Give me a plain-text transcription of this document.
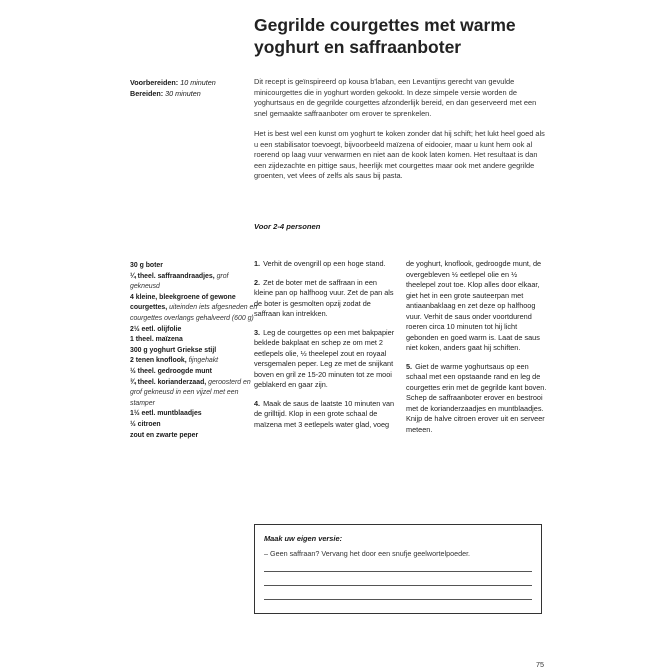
Gegrilde courgettes met warme yoghurt en saffraanboter
Voorbereiden: 10 minuten
Bereiden: 30 minuten

Dit recept is geïnspireerd op kousa b'laban, een Levantijns gerecht van gevulde minicourgettes die in yoghurt worden gekookt. In deze simpele versie worden de yoghurtsaus en de gegrilde courgettes afzonderlijk bereid, en dan geserveerd met een snel gemaakte saffraanboter om erover te sprenkelen.

Het is best wel een kunst om yoghurt te koken zonder dat hij schift; het lukt heel goed als u een stabilisator toevoegt, bijvoorbeeld maïzena of eidooier, maar u kunt hem ook al roerend op laag vuur verwarmen en niet aan de kook laten komen. Het resultaat is dan een zijdezachte en pittige saus, heerlijk met courgettes maar ook met andere gegrilde groenten, vet vlees of zelfs als saus bij pasta.

Voor 2-4 personen
30 g boter
¼ theel. saffraandraadjes, grof gekneusd
4 kleine, bleekgroene of gewone courgettes, uiteinden iets afgesneden en courgettes overlangs gehalveerd (600 g)
2½ eetl. olijfolie
1 theel. maïzena
300 g yoghurt Griekse stijl
2 tenen knoflook, fijngehakt
½ theel. gedroogde munt
¾ theel. korianderzaad, geroosterd en grof gekneusd in een vijzel met een stamper
1½ eetl. muntblaadjes
½ citroen
zout en zwarte peper
1. Verhit de ovengrill op een hoge stand.
2. Zet de boter met de saffraan in een kleine pan op halfhoog vuur. Zet de pan als de boter is gesmolten opzij zodat de saffraan kan intrekken.
3. Leg de courgettes op een met bakpapier beklede bakplaat en schep ze om met 2 eetlepels olie, ½ theelepel zout en royaal versgemalen peper. Leg ze met de snijkant boven en gril ze 15-20 minuten tot ze mooi geblakerd en gaar zijn.
4. Maak de saus de laatste 10 minuten van de grilltijd. Klop in een grote schaal de maïzena met 3 eetlepels water glad, voeg
de yoghurt, knoflook, gedroogde munt, de overgebleven ½ eetlepel olie en ½ theelepel zout toe. Klop alles door elkaar, giet het in een grote sauteerpan met antiaanbaklaag en zet deze op halfhoog vuur. Verhit de saus onder voortdurend roeren circa 10 minuten tot hij licht gebonden en goed warm is. Laat de saus niet koken, anders gaat hij schiften.
5. Giet de warme yoghurtsaus op een schaal met een opstaande rand en leg de courgettes erin met de gegrilde kant boven. Schep de saffraanboter erover en bestrooi met de korianderzaadjes en muntblaadjes. Knijp de halve citroen erover uit en serveer meteen.
Maak uw eigen versie:
– Geen saffraan? Vervang het door een snufje geelwortelpoeder.
75
